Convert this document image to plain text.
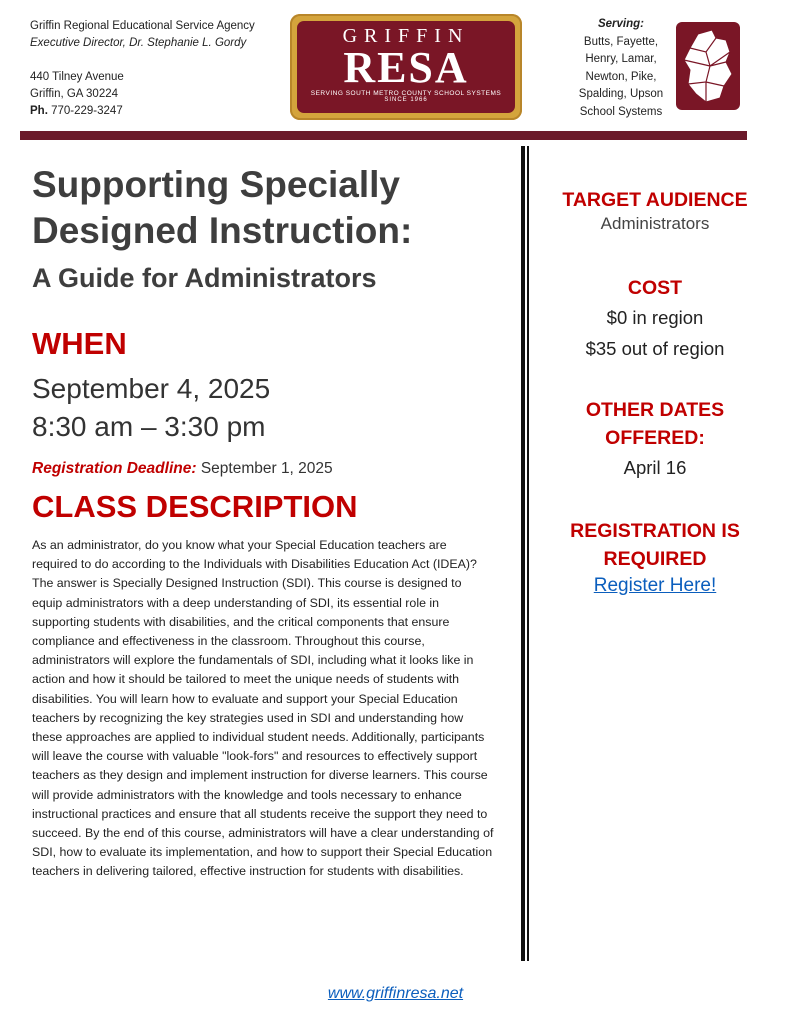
Griffin Regional Educational Service Agency
Executive Director, Dr. Stephanie L. Gordy
440 Tilney Avenue
Griffin, GA 30224
Ph. 770-229-3247
GRIFFIN
RESA
SERVING SOUTH METRO COUNTY SCHOOL SYSTEMS
SINCE 1966
Serving:
Butts, Fayette,
Henry, Lamar,
Newton, Pike,
Spalding, Upson
School Systems
Supporting Specially
Designed Instruction:
A Guide for Administrators
WHEN
September 4, 2025
8:30 am – 3:30 pm
Registration Deadline: September 1, 2025
CLASS DESCRIPTION
As an administrator, do you know what your Special Education teachers are required to do according to the Individuals with Disabilities Education Act (IDEA)? The answer is Specially Designed Instruction (SDI). This course is designed to equip administrators with a deep understanding of SDI, its essential role in supporting students with disabilities, and the critical components that ensure compliance and effectiveness in the classroom. Throughout this course, administrators will explore the fundamentals of SDI, including what it looks like in action and how it should be tailored to meet the unique needs of students with disabilities. You will learn how to evaluate and support your Special Education teachers by recognizing the key strategies used in SDI and understanding how these approaches are applied to individual student needs. Additionally, participants will leave the course with valuable "look-fors" and resources to effectively support teachers as they design and implement instruction for diverse learners. This course will provide administrators with the knowledge and tools necessary to enhance instructional practices and ensure that all students receive the support they need to succeed. By the end of this course, administrators will have a clear understanding of SDI, how to evaluate its implementation, and how to support their Special Education teachers in delivering tailored, effective instruction for students with disabilities.
TARGET AUDIENCE
Administrators
COST
$0 in region
$35 out of region
OTHER DATES
OFFERED:
April 16
REGISTRATION IS
REQUIRED
Register Here!
www.griffinresa.net
